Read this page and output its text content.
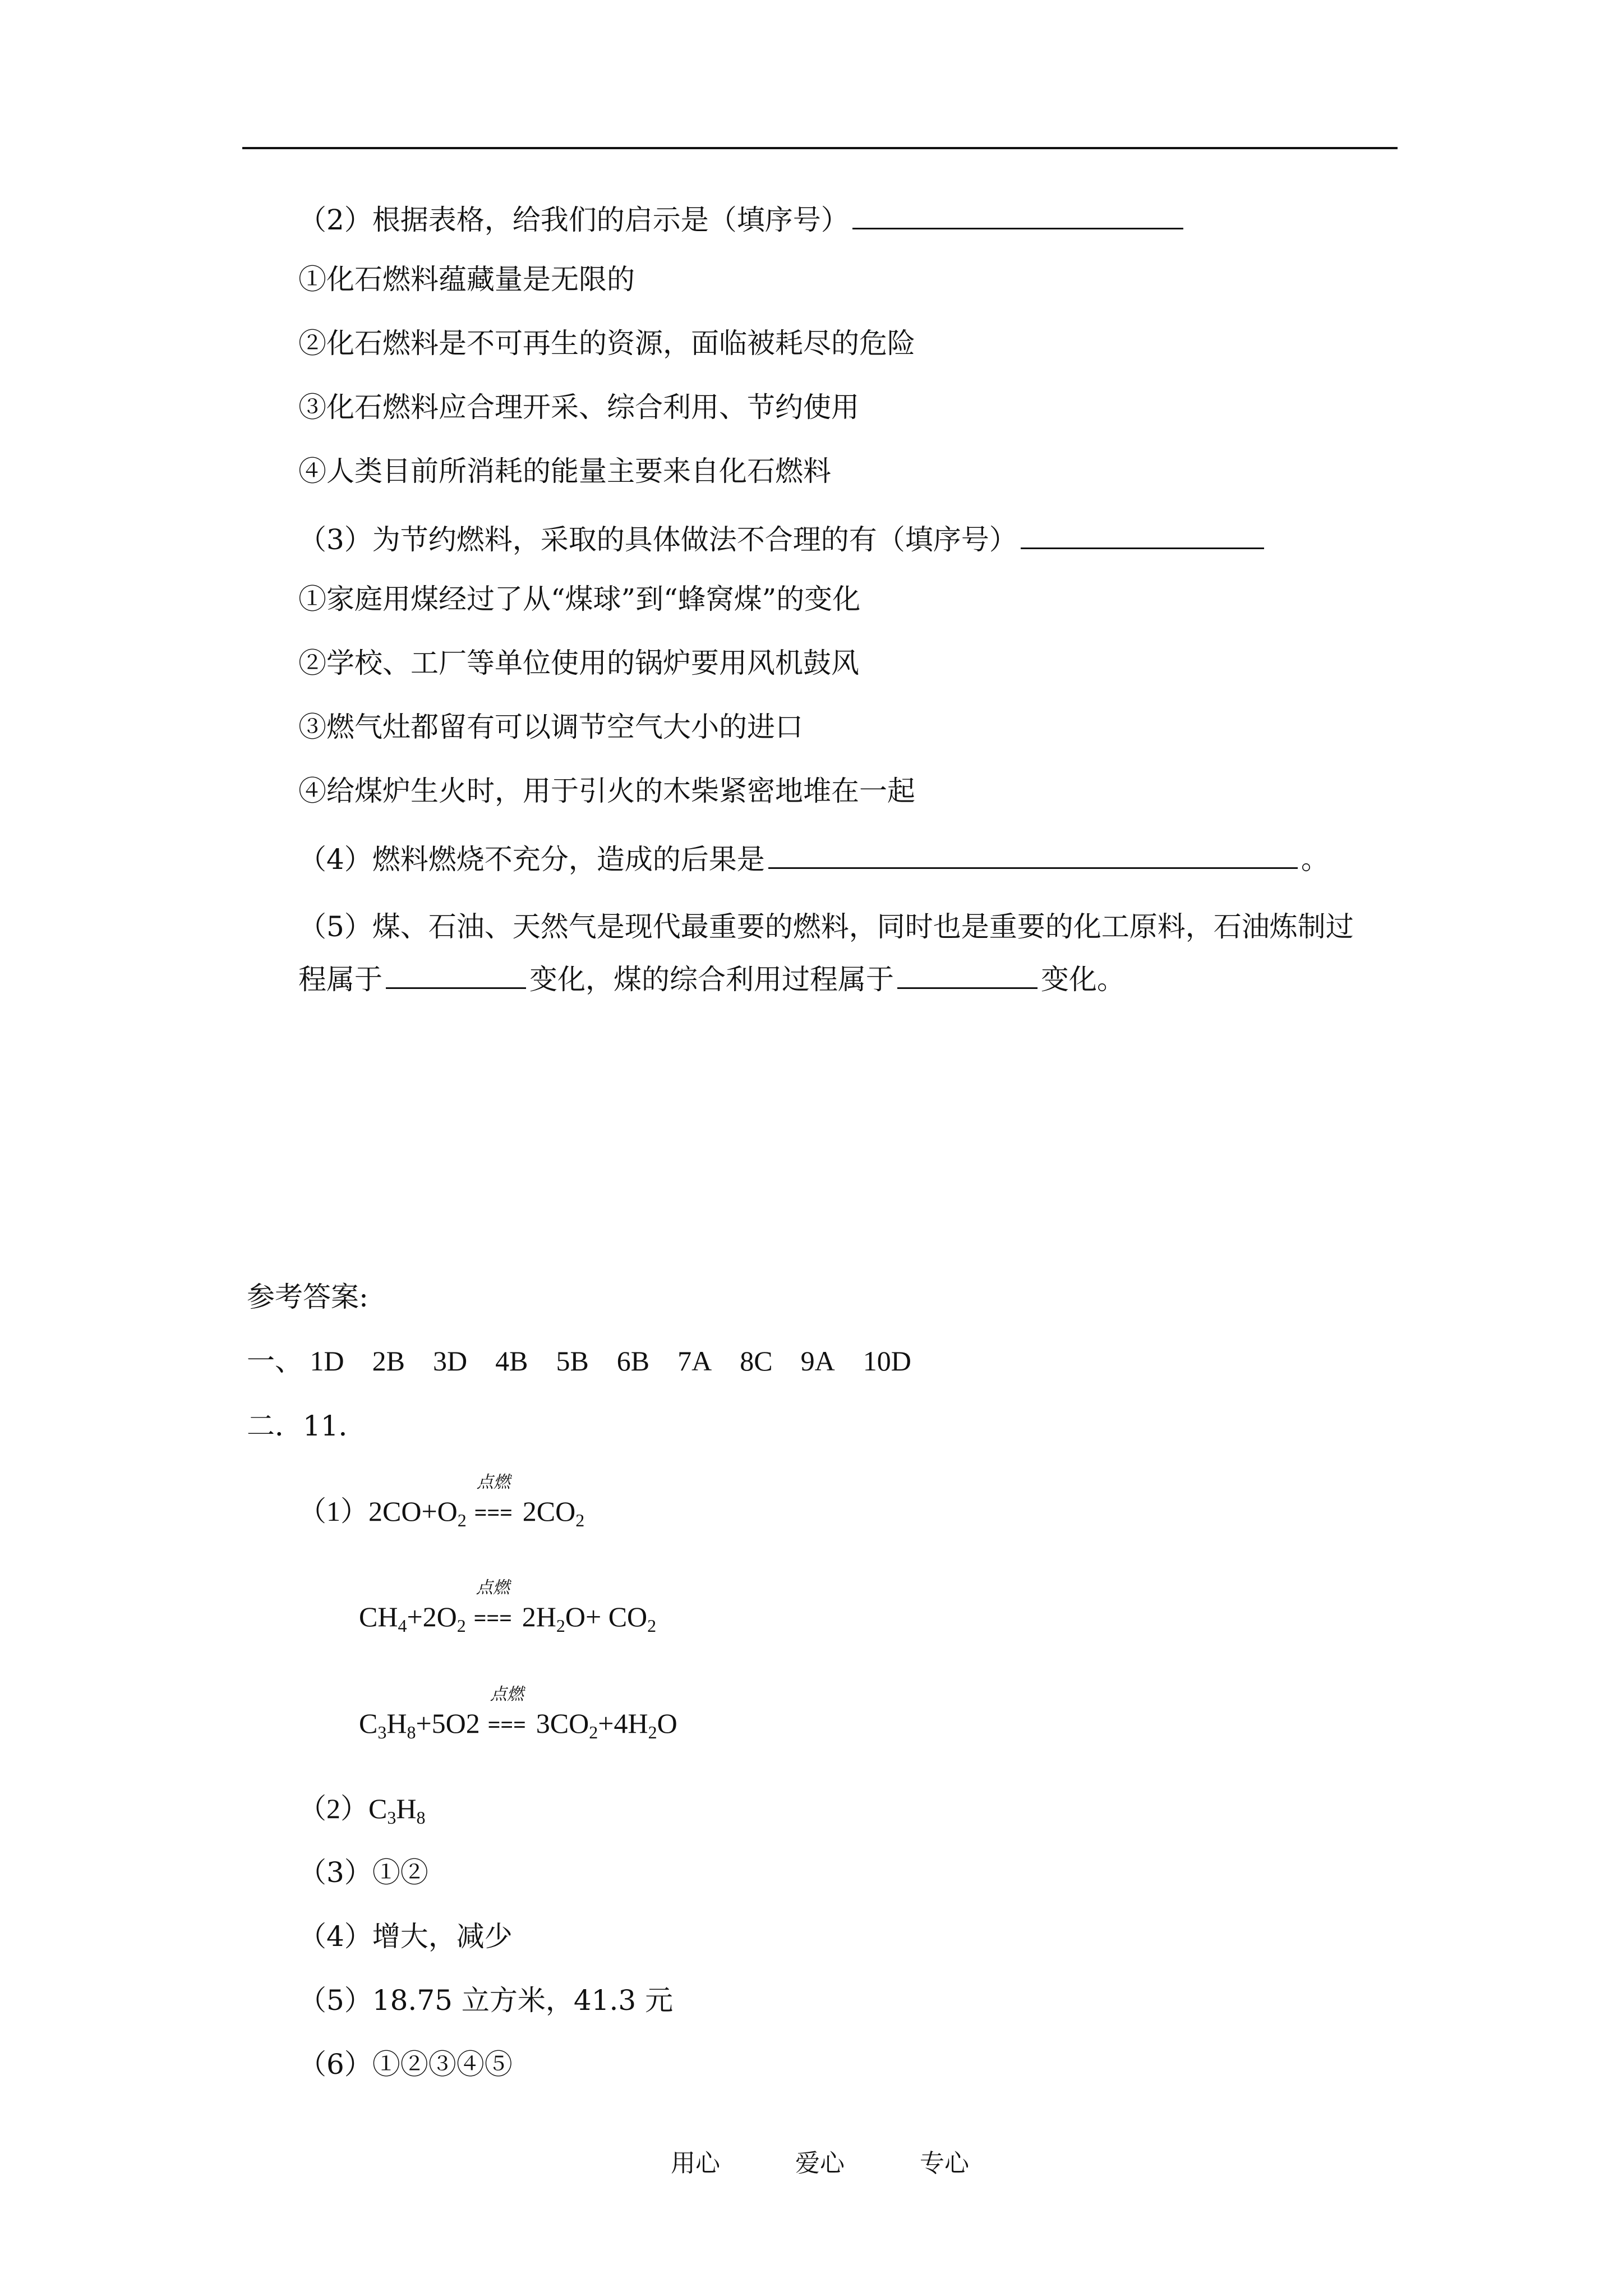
（2）根据表格，给我们的启示是（填序号）
①化石燃料蕴藏量是无限的
②化石燃料是不可再生的资源，面临被耗尽的危险
③化石燃料应合理开采、综合利用、节约使用
④人类目前所消耗的能量主要来自化石燃料
（3）为节约燃料，采取的具体做法不合理的有（填序号）
①家庭用煤经过了从“煤球”到“蜂窝煤”的变化
②学校、工厂等单位使用的锅炉要用风机鼓风
③燃气灶都留有可以调节空气大小的进口
④给煤炉生火时，用于引火的木柴紧密地堆在一起
（4）燃料燃烧不充分，造成的后果是	。
（5）煤、石油、天然气是现代最重要的燃料，同时也是重要的化工原料，石油炼制过
程属于	变化，煤的综合利用过程属于	变化。
参考答案:
一、 1D 2B 3D 4B 5B 6B 7A 8C 9A 10D
二．11．
$(1)2CO+O_2$
点燃
=== $2CO_2$
$CH_4+2O_2$
点燃
=== $2H_2O+ CO_2$
$C_3H_8+5O2$
点燃
=== $3CO_2+4H_2O$
$(2)C_3H_8$
（3）①②
（4）增大，减少
（5）18.75 立方米，41.3 元
（6）①②③④⑤
用心	爱心	专心
